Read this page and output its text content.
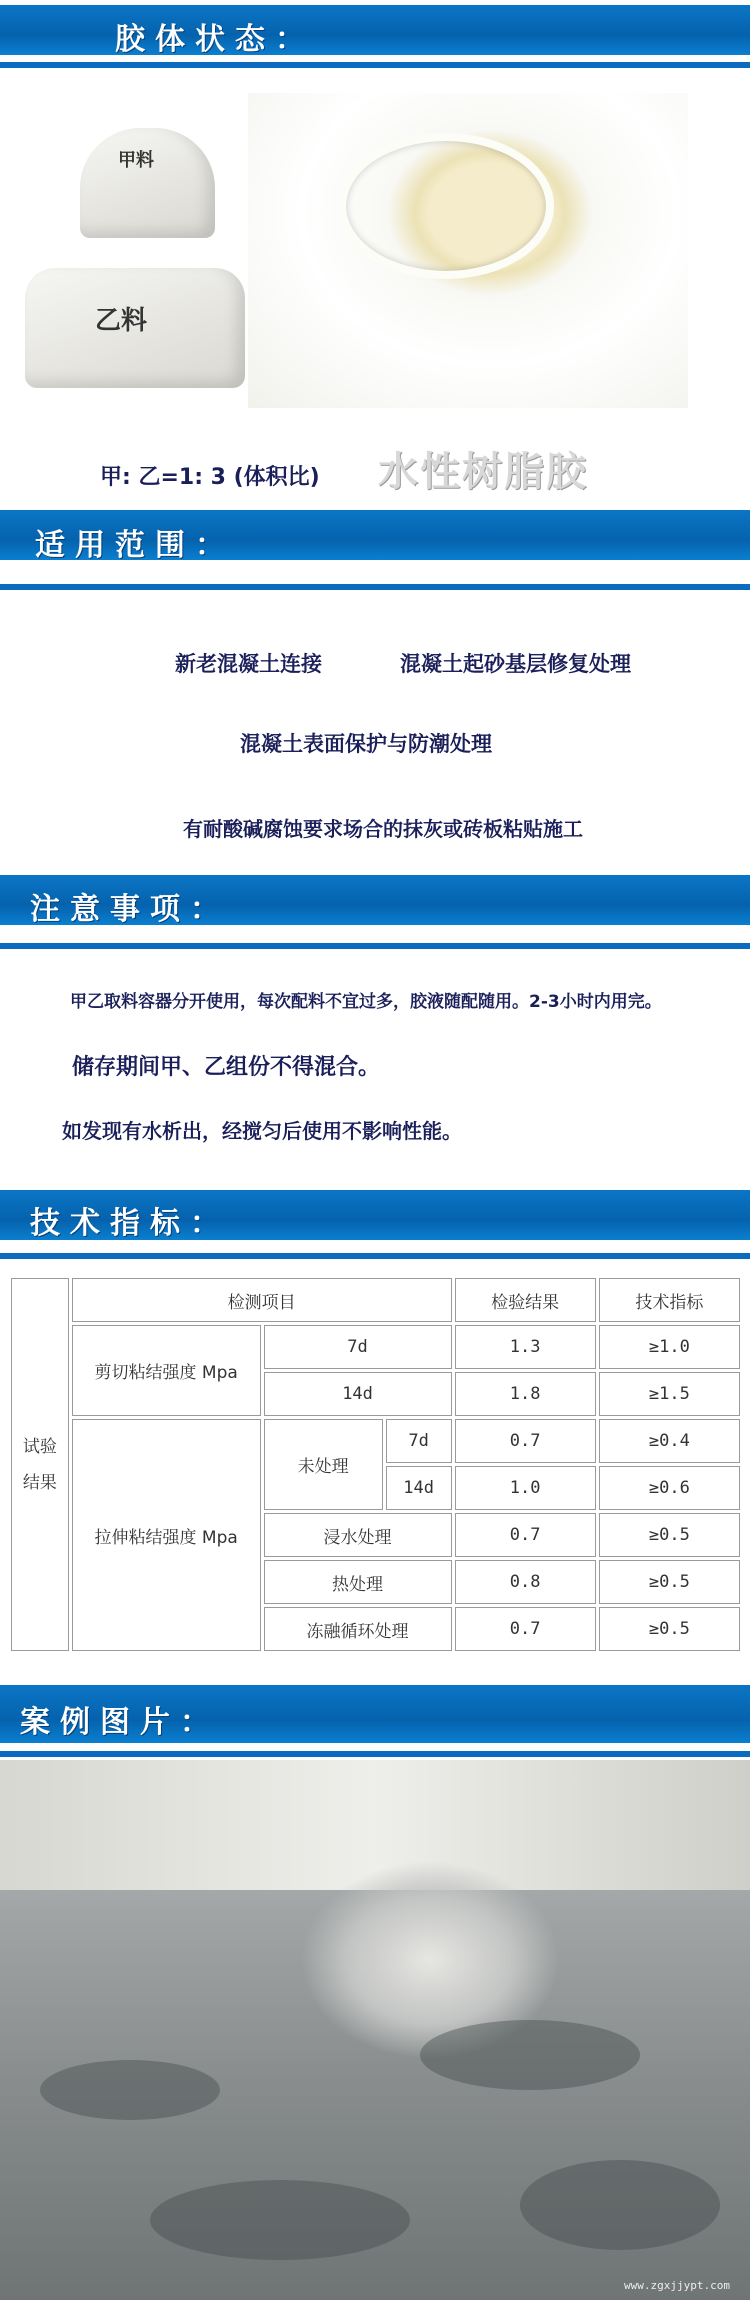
胶体状态：
甲料
乙料
甲: 乙=1: 3 (体积比) 水性树脂胶
适用范围：
新老混凝土连接	混凝土起砂基层修复处理
混凝土表面保护与防潮处理
有耐酸碱腐蚀要求场合的抹灰或砖板粘贴施工
注意事项：
甲乙取料容器分开使用，每次配料不宜过多，胶液随配随用。2-3小时内用完。
储存期间甲、乙组份不得混合。
如发现有水析出，经搅匀后使用不影响性能。
技术指标：
试验
结果	检测项目			检验结果	技术指标
	剪切粘结强度 Mpa	7d		1.3	≥1.0
		14d		1.8	≥1.5
	拉伸粘结强度 Mpa	未处理	7d	0.7	≥0.4
			14d	1.0	≥0.6
		浸水处理		0.7	≥0.5
		热处理		0.8	≥0.5
		冻融循环处理		0.7	≥0.5
案例图片：
www.zgxjjypt.com
